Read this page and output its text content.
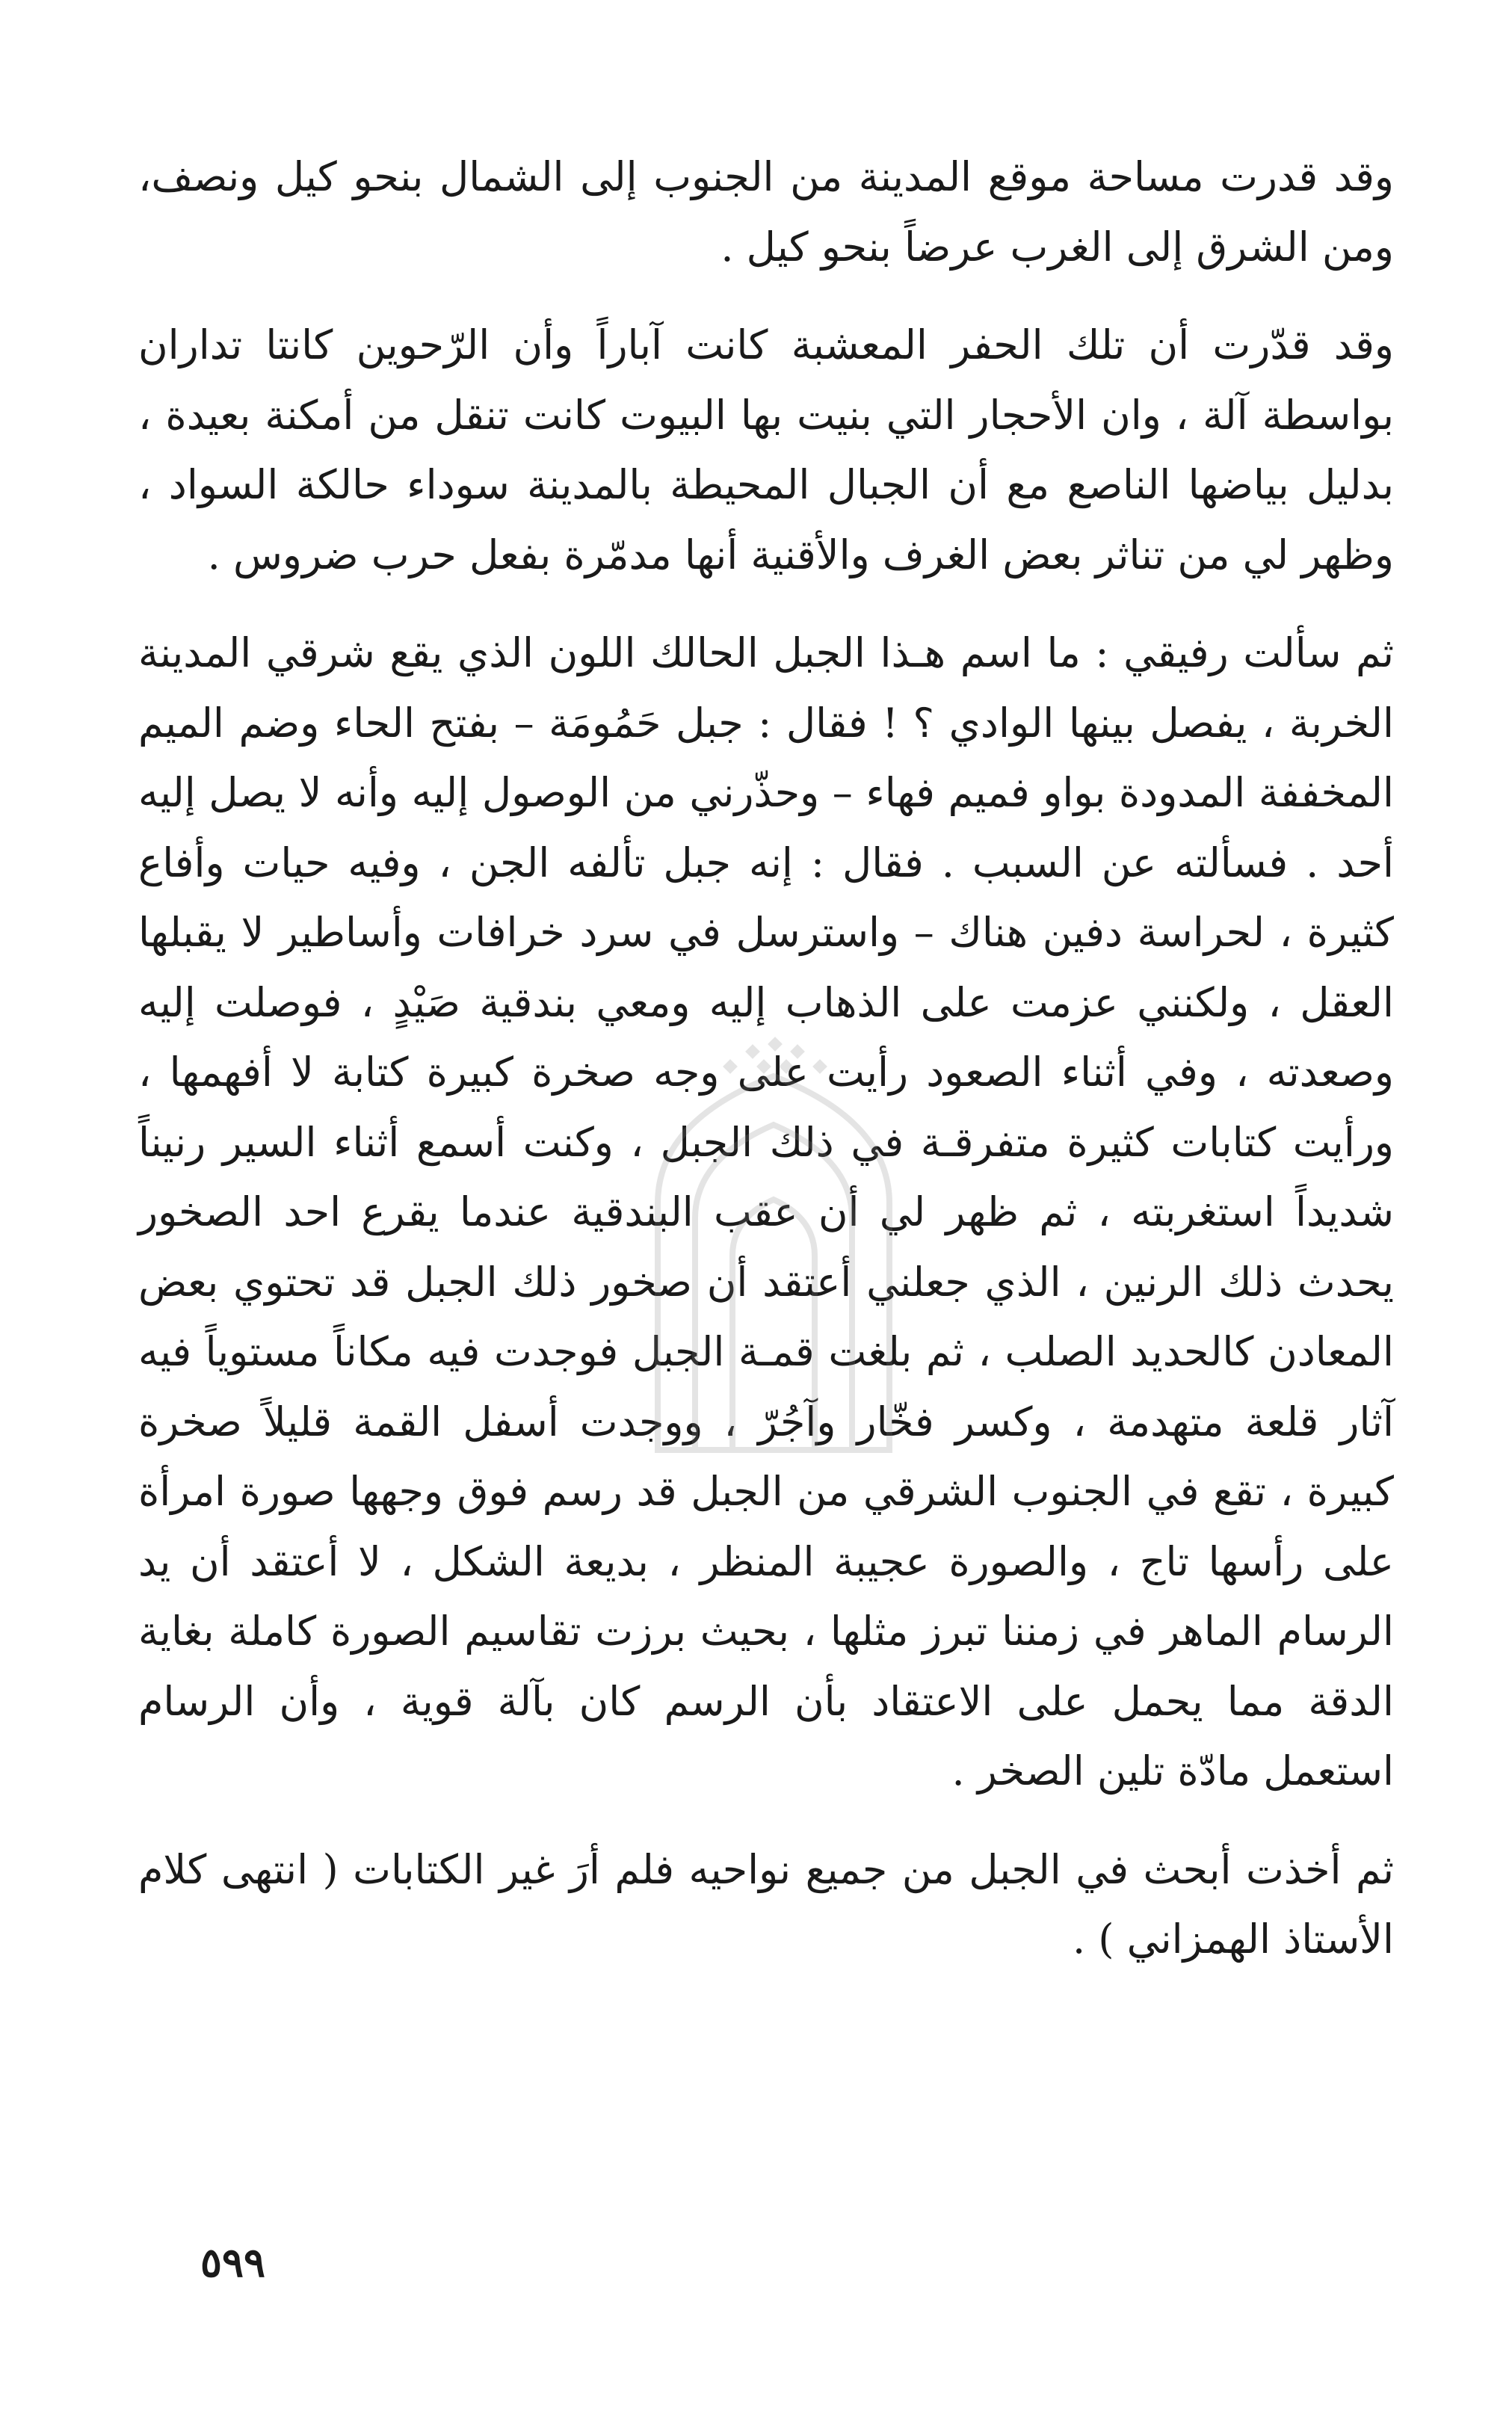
وقد قدرت مساحة موقع المدينة من الجنوب إلى الشمال بنحو كيل ونصف، ومن الشرق إلى الغرب عرضاً بنحو كيل .

وقد قدّرت أن تلك الحفر المعشبة كانت آباراً وأن الرّحوين كانتا تداران بواسطة آلة ، وان الأحجار التي بنيت بها البيوت كانت تنقل من أمكنة بعيدة ، بدليل بياضها الناصع مع أن الجبال المحيطة بالمدينة سوداء حالكة السواد ، وظهر لي من تناثر بعض الغرف والأقنية أنها مدمّرة بفعل حرب ضروس .

ثم سألت رفيقي : ما اسم هـذا الجبل الحالك اللون الذي يقع شرقي المدينة الخربة ، يفصل بينها الوادي ؟ ! فقال : جبل حَمُومَة – بفتح الحاء وضم الميم المخففة المدودة بواو فميم فهاء – وحذّرني من الوصول إليه وأنه لا يصل إليه أحد . فسألته عن السبب . فقال : إنه جبل تألفه الجن ، وفيه حيات وأفاع كثيرة ، لحراسة دفين هناك – واسترسل في سرد خرافات وأساطير لا يقبلها العقل ، ولكنني عزمت على الذهاب إليه ومعي بندقية صَيْدٍ ، فوصلت إليه وصعدته ، وفي أثناء الصعود رأيت على وجه صخرة كبيرة كتابة لا أفهمها ، ورأيت كتابات كثيرة متفرقـة في ذلك الجبل ، وكنت أسمع أثناء السير رنيناً شديداً استغربته ، ثم ظهر لي أن عقب البندقية عندما يقرع احد الصخور يحدث ذلك الرنين ، الذي جعلني أعتقد أن صخور ذلك الجبل قد تحتوي بعض المعادن كالحديد الصلب ، ثم بلغت قمـة الجبل فوجدت فيه مكاناً مستوياً فيه آثار قلعة متهدمة ، وكسر فخّار وآجُرّ ، ووجدت أسفل القمة قليلاً صخرة كبيرة ، تقع في الجنوب الشرقي من الجبل قد رسم فوق وجهها صورة امرأة على رأسها تاج ، والصورة عجيبة المنظر ، بديعة الشكل ، لا أعتقد أن يد الرسام الماهر في زمننا تبرز مثلها ، بحيث برزت تقاسيم الصورة كاملة بغاية الدقة مما يحمل على الاعتقاد بأن الرسم كان بآلة قوية ، وأن الرسام استعمل مادّة تلين الصخر .

ثم أخذت أبحث في الجبل من جميع نواحيه فلم أرَ غير الكتابات ( انتهى كلام الأستاذ الهمزاني ) .

٥٩٩
